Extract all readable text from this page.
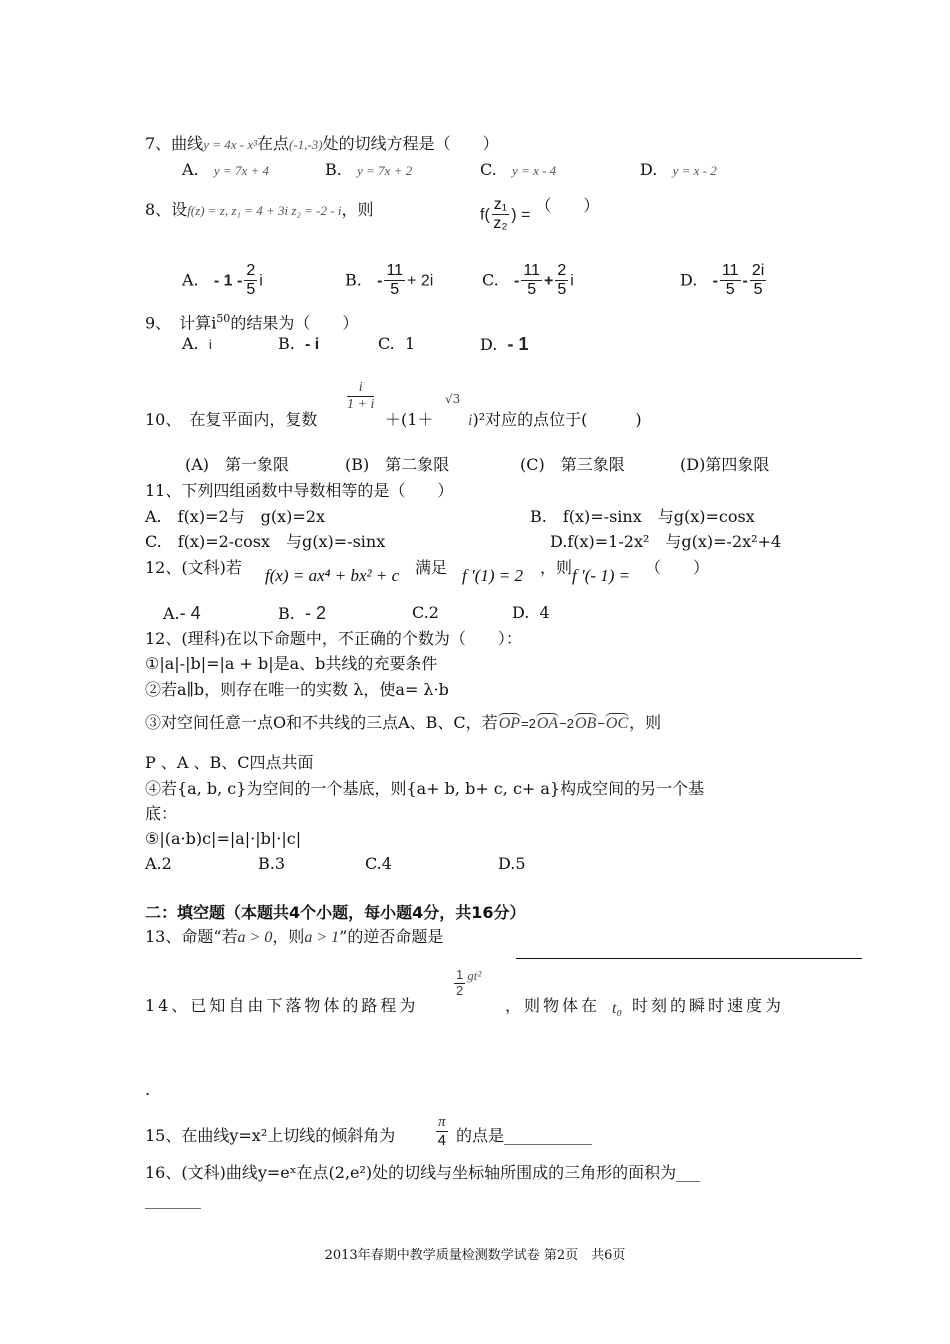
7、曲线y = 4x - x³在点(-1,-3)处的切线方程是（　　）
A. y = 7x + 4	B. y = 7x + 2	C. y = x - 4	D. y = x - 2
8、设f(z) = z, z₁ = 4 + 3i z₂ = -2 - i，则	$f( \frac{\text{z₁}}{\text{z₂}}$ ) = （　　）
A. - $1 - \frac{2}{5}$ i	B. - $\frac{11}{5} + 2i$	C. - $\frac{11}{5} + \frac{2}{5}$ i	D. - $\frac{11}{5} - \frac{2i}{5}$
9、　计算$i^{50}$的结果为（　　）
A. i	B. - i	C. 1	D. - 1
10、　在复平面内，复数
$\frac{i}{1 + i}$
＋(1＋
√3
i)²对应的点位于(　　　)
(A)　第一象限	(B)　第二象限	(C)　第三象限	(D)第四象限
11、下列四组函数中导数相等的是（　　）
A.　f(x)=2与　g(x)=2x	B.　f(x)=-sinx　与g(x)=cosx
C.　f(x)=2-cosx　与g(x)=-sinx	D.f(x)=1-2x²　与g(x)=-2x²+4
12、(文科)若 f(x) = ax⁴ + bx² + c 满足 f ′(1) = 2 ，则 f ′(- 1) = （　　）
A.- 4	B. - 2	C.2	D. 4
12、(理科)在以下命题中，不正确的个数为（　　）：
①|a|-|b|=|a + b|是a、b共线的充要条件
②若a∥b，则存在唯一的实数 λ，使a= λ·b
③对空间任意一点O和不共线的三点A、B、C，若OP=2OA−2OB−OC，则
P 、A 、B、C四点共面
④若{a, b, c}为空间的一个基底，则{a+ b, b+ c, c+ a}构成空间的另一个基
底：
⑤|(a·b)c|=|a|·|b|·|c|
A.2	B.3	C.4	D.5
二：填空题（本题共4个小题，每小题4分，共16分）
13、命题“若a > 0，则a > 1”的逆否命题是
14、已知自由下落物体的路程为
$\frac{1}{2} ^{gt^2}$
，则物体在 t₀ 时刻的瞬时速度为
.
15、在曲线y=x²上切线的倾斜角为	$\frac{\pi}{4}$ 的点是___________
16、(文科)曲线y=eˣ在点(2,e²)处的切线与坐标轴所围成的三角形的面积为___
_______
2013年春期中教学质量检测数学试卷 第2页　共6页
